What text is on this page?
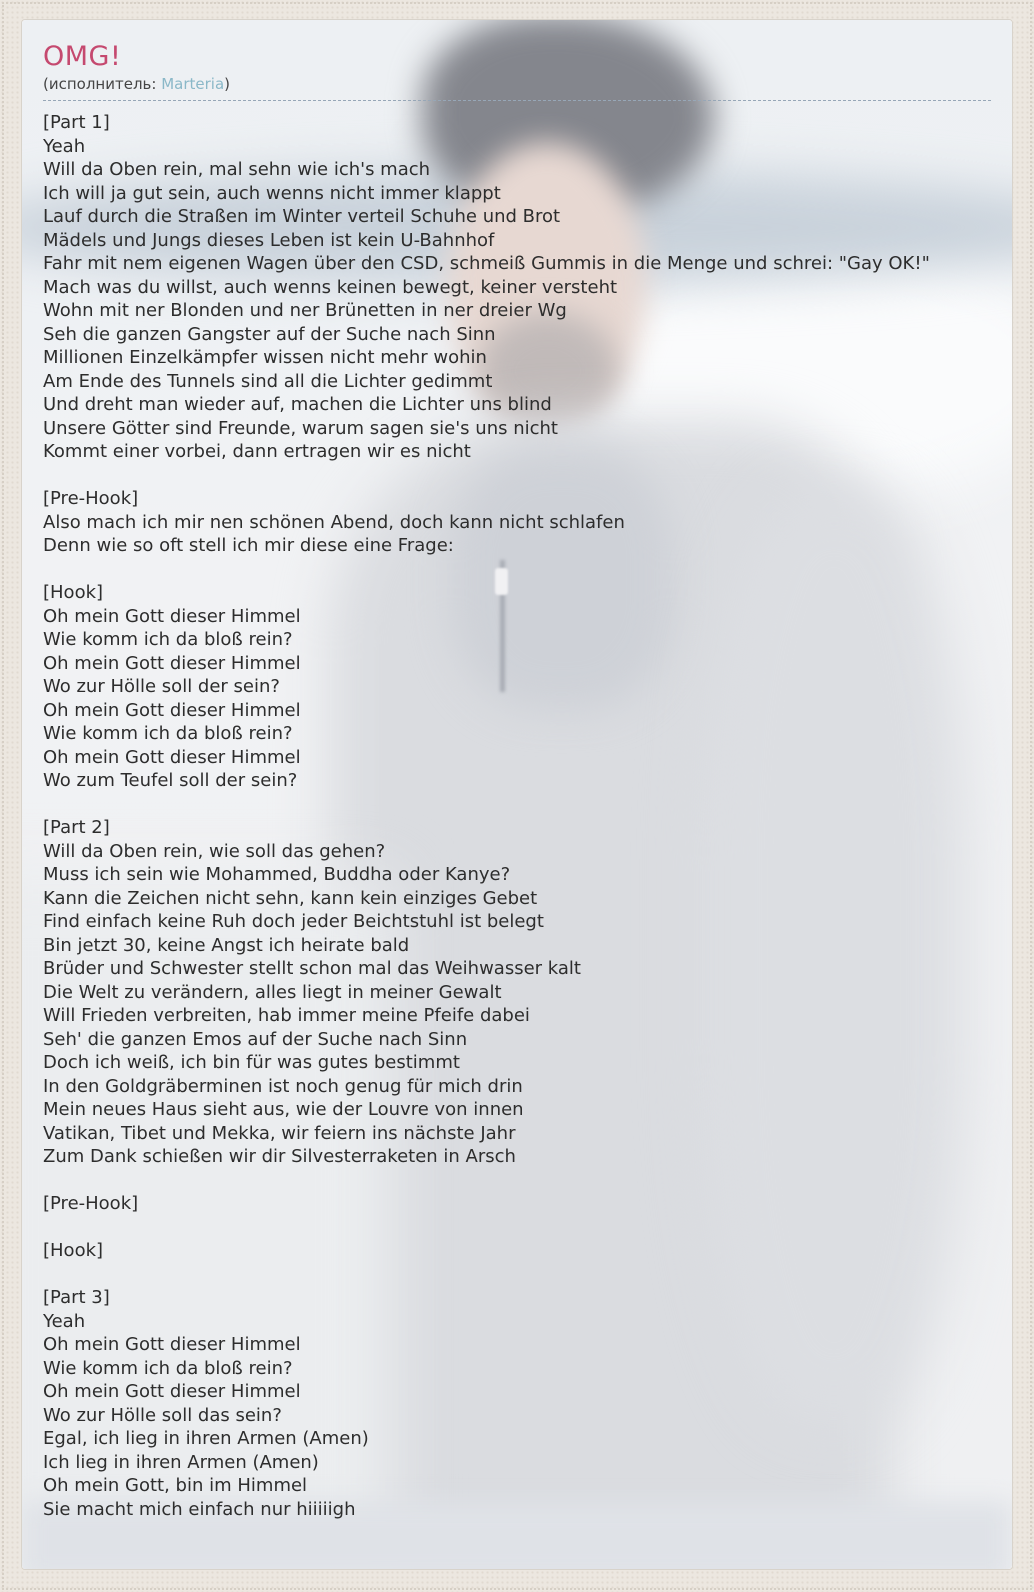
OMG!
(исполнитель: Marteria)
[Part 1]
Yeah
Will da Oben rein, mal sehn wie ich's mach
Ich will ja gut sein, auch wenns nicht immer klappt
Lauf durch die Straßen im Winter verteil Schuhe und Brot
Mädels und Jungs dieses Leben ist kein U-Bahnhof
Fahr mit nem eigenen Wagen über den CSD, schmeiß Gummis in die Menge und schrei: "Gay OK!"
Mach was du willst, auch wenns keinen bewegt, keiner versteht
Wohn mit ner Blonden und ner Brünetten in ner dreier Wg
Seh die ganzen Gangster auf der Suche nach Sinn
Millionen Einzelkämpfer wissen nicht mehr wohin
Am Ende des Tunnels sind all die Lichter gedimmt
Und dreht man wieder auf, machen die Lichter uns blind
Unsere Götter sind Freunde, warum sagen sie's uns nicht
Kommt einer vorbei, dann ertragen wir es nicht

[Pre-Hook]
Also mach ich mir nen schönen Abend, doch kann nicht schlafen
Denn wie so oft stell ich mir diese eine Frage:

[Hook]
Oh mein Gott dieser Himmel
Wie komm ich da bloß rein?
Oh mein Gott dieser Himmel
Wo zur Hölle soll der sein?
Oh mein Gott dieser Himmel
Wie komm ich da bloß rein?
Oh mein Gott dieser Himmel
Wo zum Teufel soll der sein?

[Part 2]
Will da Oben rein, wie soll das gehen?
Muss ich sein wie Mohammed, Buddha oder Kanye?
Kann die Zeichen nicht sehn, kann kein einziges Gebet
Find einfach keine Ruh doch jeder Beichtstuhl ist belegt
Bin jetzt 30, keine Angst ich heirate bald
Brüder und Schwester stellt schon mal das Weihwasser kalt
Die Welt zu verändern, alles liegt in meiner Gewalt
Will Frieden verbreiten, hab immer meine Pfeife dabei
Seh' die ganzen Emos auf der Suche nach Sinn
Doch ich weiß, ich bin für was gutes bestimmt
In den Goldgräberminen ist noch genug für mich drin
Mein neues Haus sieht aus, wie der Louvre von innen
Vatikan, Tibet und Mekka, wir feiern ins nächste Jahr
Zum Dank schießen wir dir Silvesterraketen in Arsch

[Pre-Hook]

[Hook]

[Part 3]
Yeah
Oh mein Gott dieser Himmel
Wie komm ich da bloß rein?
Oh mein Gott dieser Himmel
Wo zur Hölle soll das sein?
Egal, ich lieg in ihren Armen (Amen)
Ich lieg in ihren Armen (Amen)
Oh mein Gott, bin im Himmel
Sie macht mich einfach nur hiiiiigh
